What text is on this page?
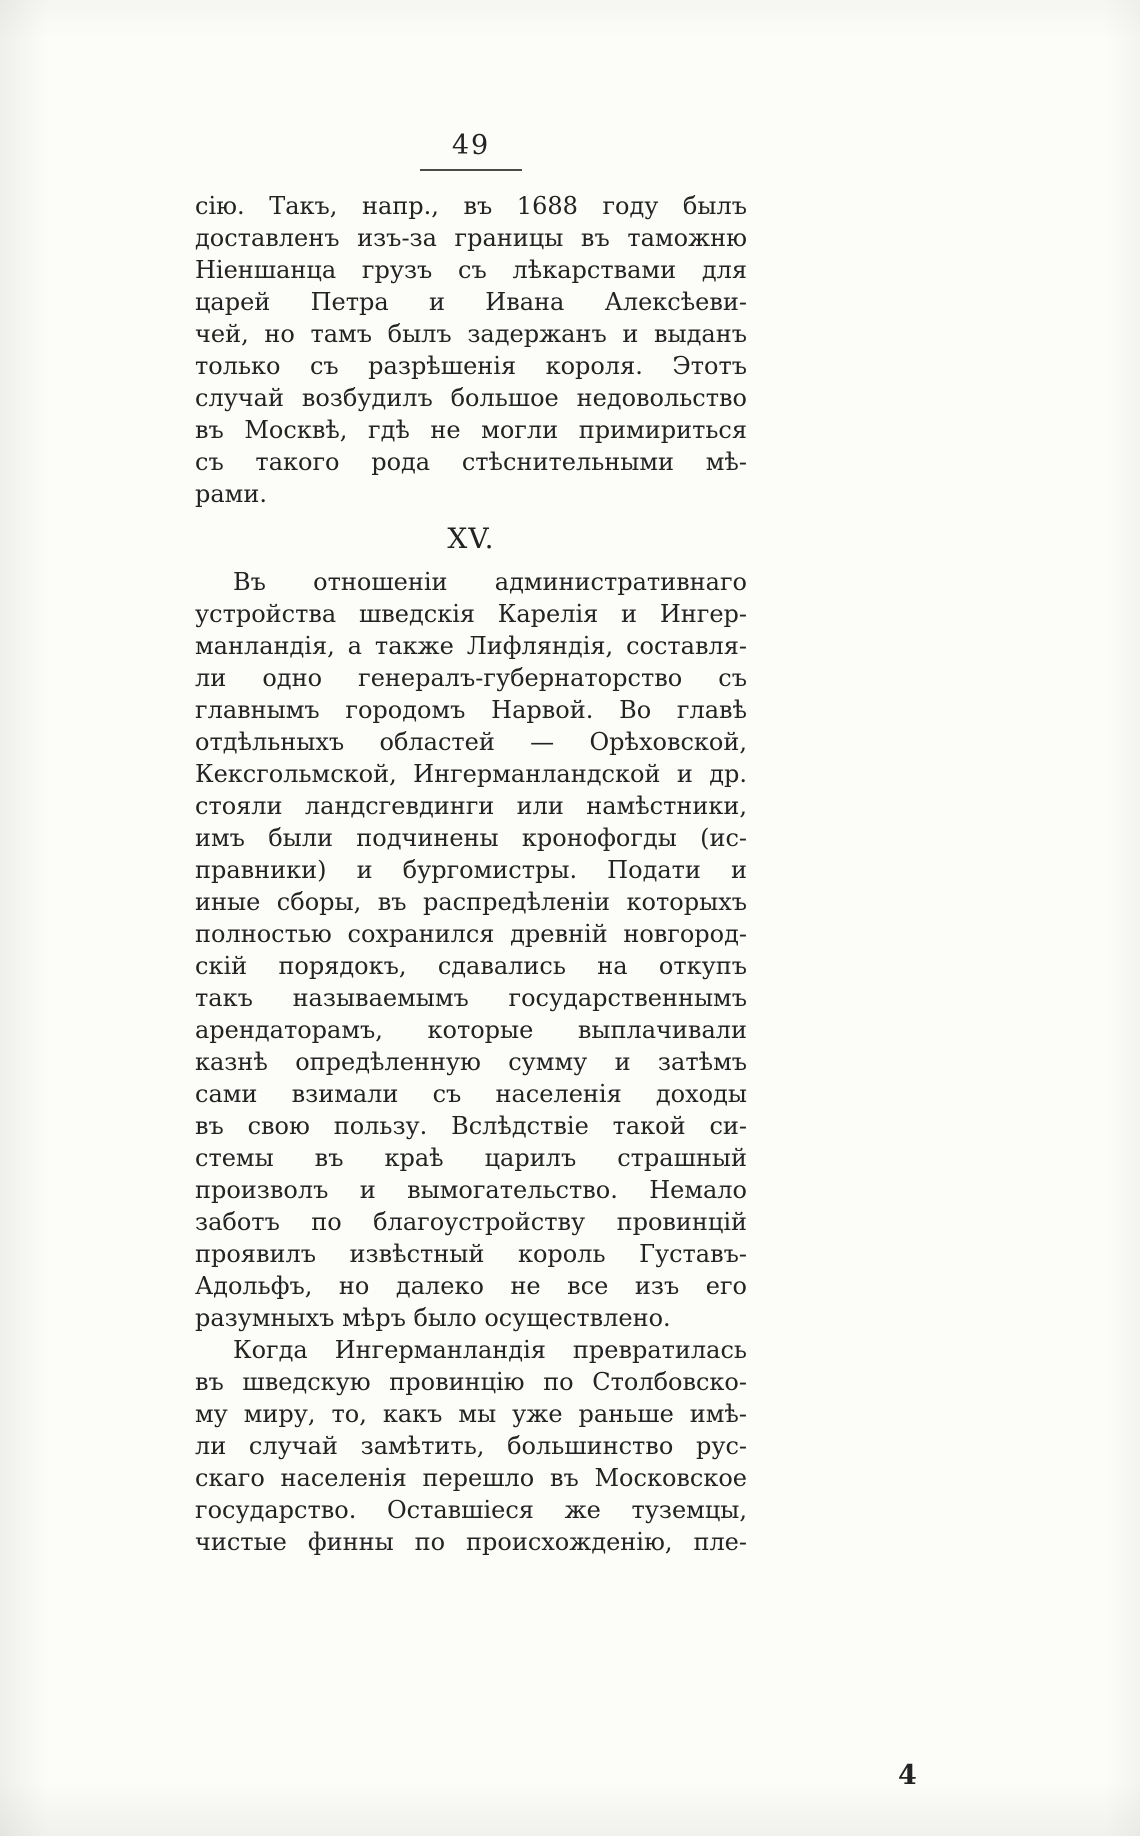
49
сію. Такъ, напр., въ 1688 году былъ
доставленъ изъ-за границы въ таможню
Ніеншанца грузъ съ лѣкарствами для
царей Петра и Ивана Алексѣеви-
чей, но тамъ былъ задержанъ и выданъ
только съ разрѣшенія короля. Этотъ
случай возбудилъ большое недовольство
въ Москвѣ, гдѣ не могли примириться
съ такого рода стѣснительными мѣ-
рами.
XV.
Въ отношеніи административнаго
устройства шведскія Карелія и Ингер-
манландія, а также Лифляндія, составля-
ли одно генералъ-губернаторство съ
главнымъ городомъ Нарвой. Во главѣ
отдѣльныхъ областей — Орѣховской,
Кексгольмской, Ингерманландской и др.
стояли ландсгевдинги или намѣстники,
имъ были подчинены кронофогды (ис-
правники) и бургомистры. Подати и
иные сборы, въ распредѣленіи которыхъ
полностью сохранился древній новгород-
скій порядокъ, сдавались на откупъ
такъ называемымъ государственнымъ
арендаторамъ, которые выплачивали
казнѣ опредѣленную сумму и затѣмъ
сами взимали съ населенія доходы
въ свою пользу. Вслѣдствіе такой си-
стемы въ краѣ царилъ страшный
произволъ и вымогательство. Немало
заботъ по благоустройству провинцій
проявилъ извѣстный король Густавъ-
Адольфъ, но далеко не все изъ его
разумныхъ мѣръ было осуществлено.
Когда Ингерманландія превратилась
въ шведскую провинцію по Столбовско-
му миру, то, какъ мы уже раньше имѣ-
ли случай замѣтить, большинство рус-
скаго населенія перешло въ Московское
государство. Оставшіеся же туземцы,
чистые финны по происхожденію, пле-
4
